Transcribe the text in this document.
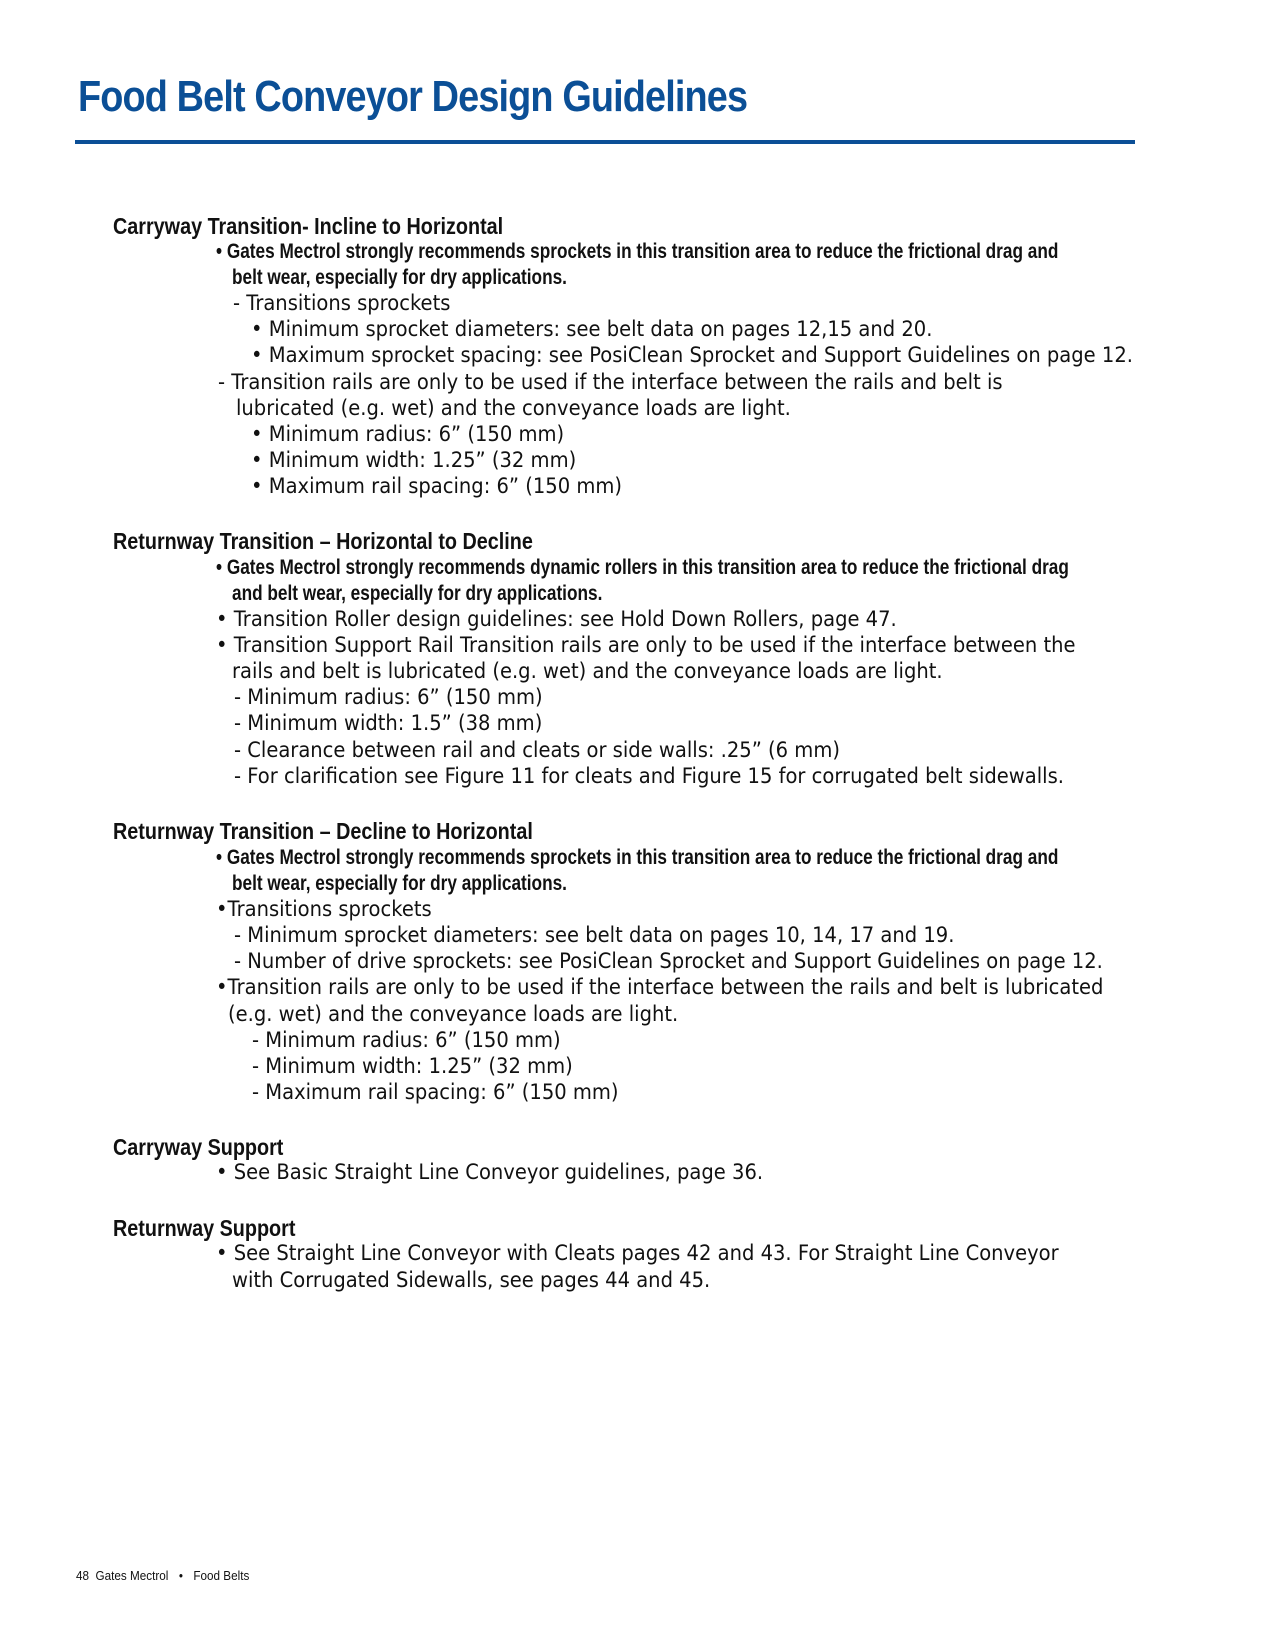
Food Belt Conveyor Design Guidelines
Carryway Transition- Incline to Horizontal
• Gates Mectrol strongly recommends sprockets in this transition area to reduce the frictional drag and
belt wear, especially for dry applications.
- Transitions sprockets
• Minimum sprocket diameters: see belt data on pages 12,15 and 20.
• Maximum sprocket spacing: see PosiClean Sprocket and Support Guidelines on page 12.
- Transition rails are only to be used if the interface between the rails and belt is
lubricated (e.g. wet) and the conveyance loads are light.
• Minimum radius: 6” (150 mm)
• Minimum width: 1.25” (32 mm)
• Maximum rail spacing: 6” (150 mm)
Returnway Transition – Horizontal to Decline
• Gates Mectrol strongly recommends dynamic rollers in this transition area to reduce the frictional drag
and belt wear, especially for dry applications.
• Transition Roller design guidelines: see Hold Down Rollers, page 47.
• Transition Support Rail Transition rails are only to be used if the interface between the
rails and belt is lubricated (e.g. wet) and the conveyance loads are light.
- Minimum radius: 6” (150 mm)
- Minimum width: 1.5” (38 mm)
- Clearance between rail and cleats or side walls: .25” (6 mm)
- For clarification see Figure 11 for cleats and Figure 15 for corrugated belt sidewalls.
Returnway Transition – Decline to Horizontal
• Gates Mectrol strongly recommends sprockets in this transition area to reduce the frictional drag and
belt wear, especially for dry applications.
•Transitions sprockets
- Minimum sprocket diameters: see belt data on pages 10, 14, 17 and 19.
- Number of drive sprockets: see PosiClean Sprocket and Support Guidelines on page 12.
•Transition rails are only to be used if the interface between the rails and belt is lubricated
(e.g. wet) and the conveyance loads are light.
- Minimum radius: 6” (150 mm)
- Minimum width: 1.25” (32 mm)
- Maximum rail spacing: 6” (150 mm)
Carryway Support
• See Basic Straight Line Conveyor guidelines, page 36.
Returnway Support
• See Straight Line Conveyor with Cleats pages 42 and 43. For Straight Line Conveyor
with Corrugated Sidewalls, see pages 44 and 45.
48 Gates Mectrol • Food Belts
